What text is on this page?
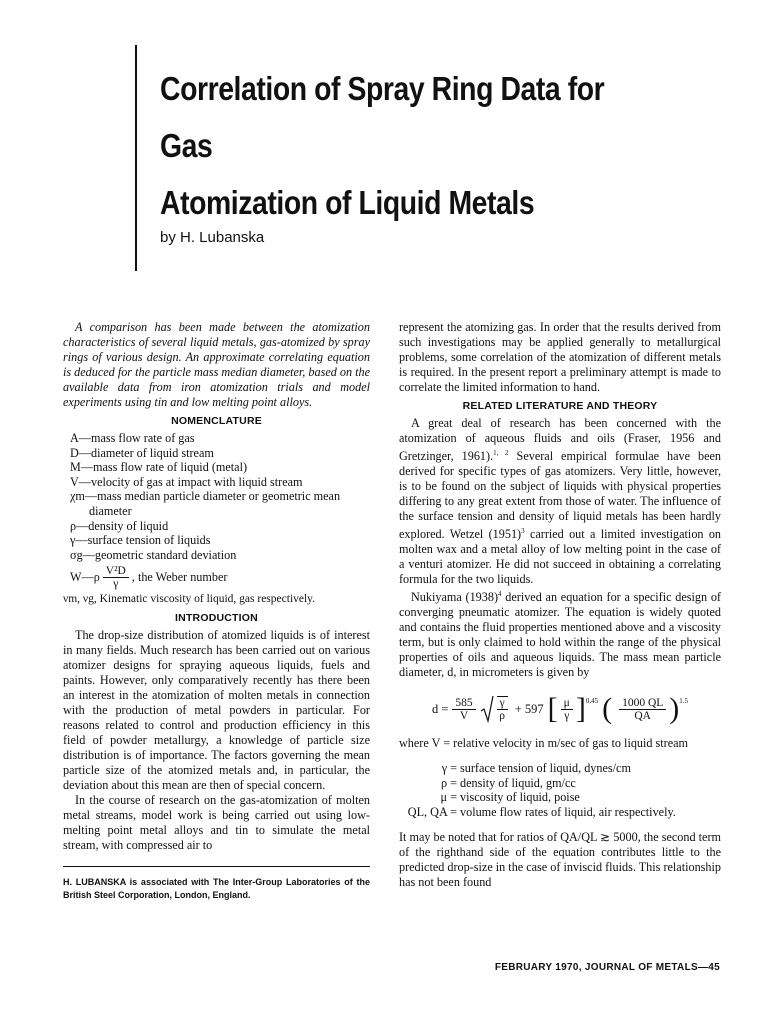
Correlation of Spray Ring Data for Gas
Atomization of Liquid Metals
by H. Lubanska

A comparison has been made between the atomization characteristics of several liquid metals, gas-atomized by spray rings of various design. An approximate correlating equation is deduced for the particle mass median diameter, based on the available data from iron atomization trials and model experiments using tin and low melting point alloys.

NOMENCLATURE
A—mass flow rate of gas
D—diameter of liquid stream
M—mass flow rate of liquid (metal)
V—velocity of gas at impact with liquid stream
χm—mass median particle diameter or geometric mean diameter
ρ—density of liquid
γ—surface tension of liquids
σg—geometric standard deviation
W— ρ $\frac{\text{V²D}}{\gamma}$ , the Weber number

νm, νg, Kinematic viscosity of liquid, gas respectively.

INTRODUCTION

The drop-size distribution of atomized liquids is of interest in many fields. Much research has been carried out on various atomizer designs for spraying aqueous liquids, fuels and paints. However, only comparatively recently has there been an interest in the atomization of molten metals in connection with the production of metal powders in particular. For reasons related to control and production efficiency in this field of powder metallurgy, a knowledge of particle size distribution is of importance. The factors governing the mean particle size of the atomized metals and, in particular, the deviation about this mean are then of special concern.

In the course of research on the gas-atomization of molten metal streams, model work is being carried out using low-melting point metal alloys and tin to simulate the metal stream, with compressed air to

H. LUBANSKA is associated with The Inter-Group Laboratories of the British Steel Corporation, London, England.

represent the atomizing gas. In order that the results derived from such investigations may be applied generally to metallurgical problems, some correlation of the atomization of different metals is required. In the present report a preliminary attempt is made to correlate the limited information to hand.

RELATED LITERATURE AND THEORY

A great deal of research has been concerned with the atomization of aqueous fluids and oils (Fraser, 1956 and Gretzinger, 1961).$^{1, 2}$ Several empirical formulae have been derived for specific types of gas atomizers. Very little, however, is to be found on the subject of liquids with physical properties differing to any great extent from those of water. The influence of the surface tension and density of liquid metals has been hardly explored. Wetzel (1951)$^3$ carried out a limited investigation on molten wax and a metal alloy of low melting point in the case of a venturi atomizer. He did not succeed in obtaining a correlating formula for the two liquids.

Nukiyama (1938)$^4$ derived an equation for a specific design of converging pneumatic atomizer. The equation is widely quoted and contains the fluid properties mentioned above and a viscosity term, but is only claimed to hold within the range of the physical properties of oils and aqueous liquids. The mass mean particle diameter, d, in micrometers is given by

$d = \frac{585}{V} \frac{\gamma}{\rho} + 597$ [ $\frac{\mu}{\gamma}$ ] 0.45 ( $\frac{1000 QL}{QA}$ ) 1.5

where V = relative velocity in m/sec of gas to liquid stream

γ = surface tension of liquid, dynes/cm
ρ = density of liquid, gm/cc
μ = viscosity of liquid, poise
QL, QA = volume flow rates of liquid, air respectively.

It may be noted that for ratios of QA/QL ≳ 5000, the second term of the righthand side of the equation contributes little to the predicted drop-size in the case of inviscid fluids. This relationship has not been found

FEBRUARY 1970, JOURNAL OF METALS—45
